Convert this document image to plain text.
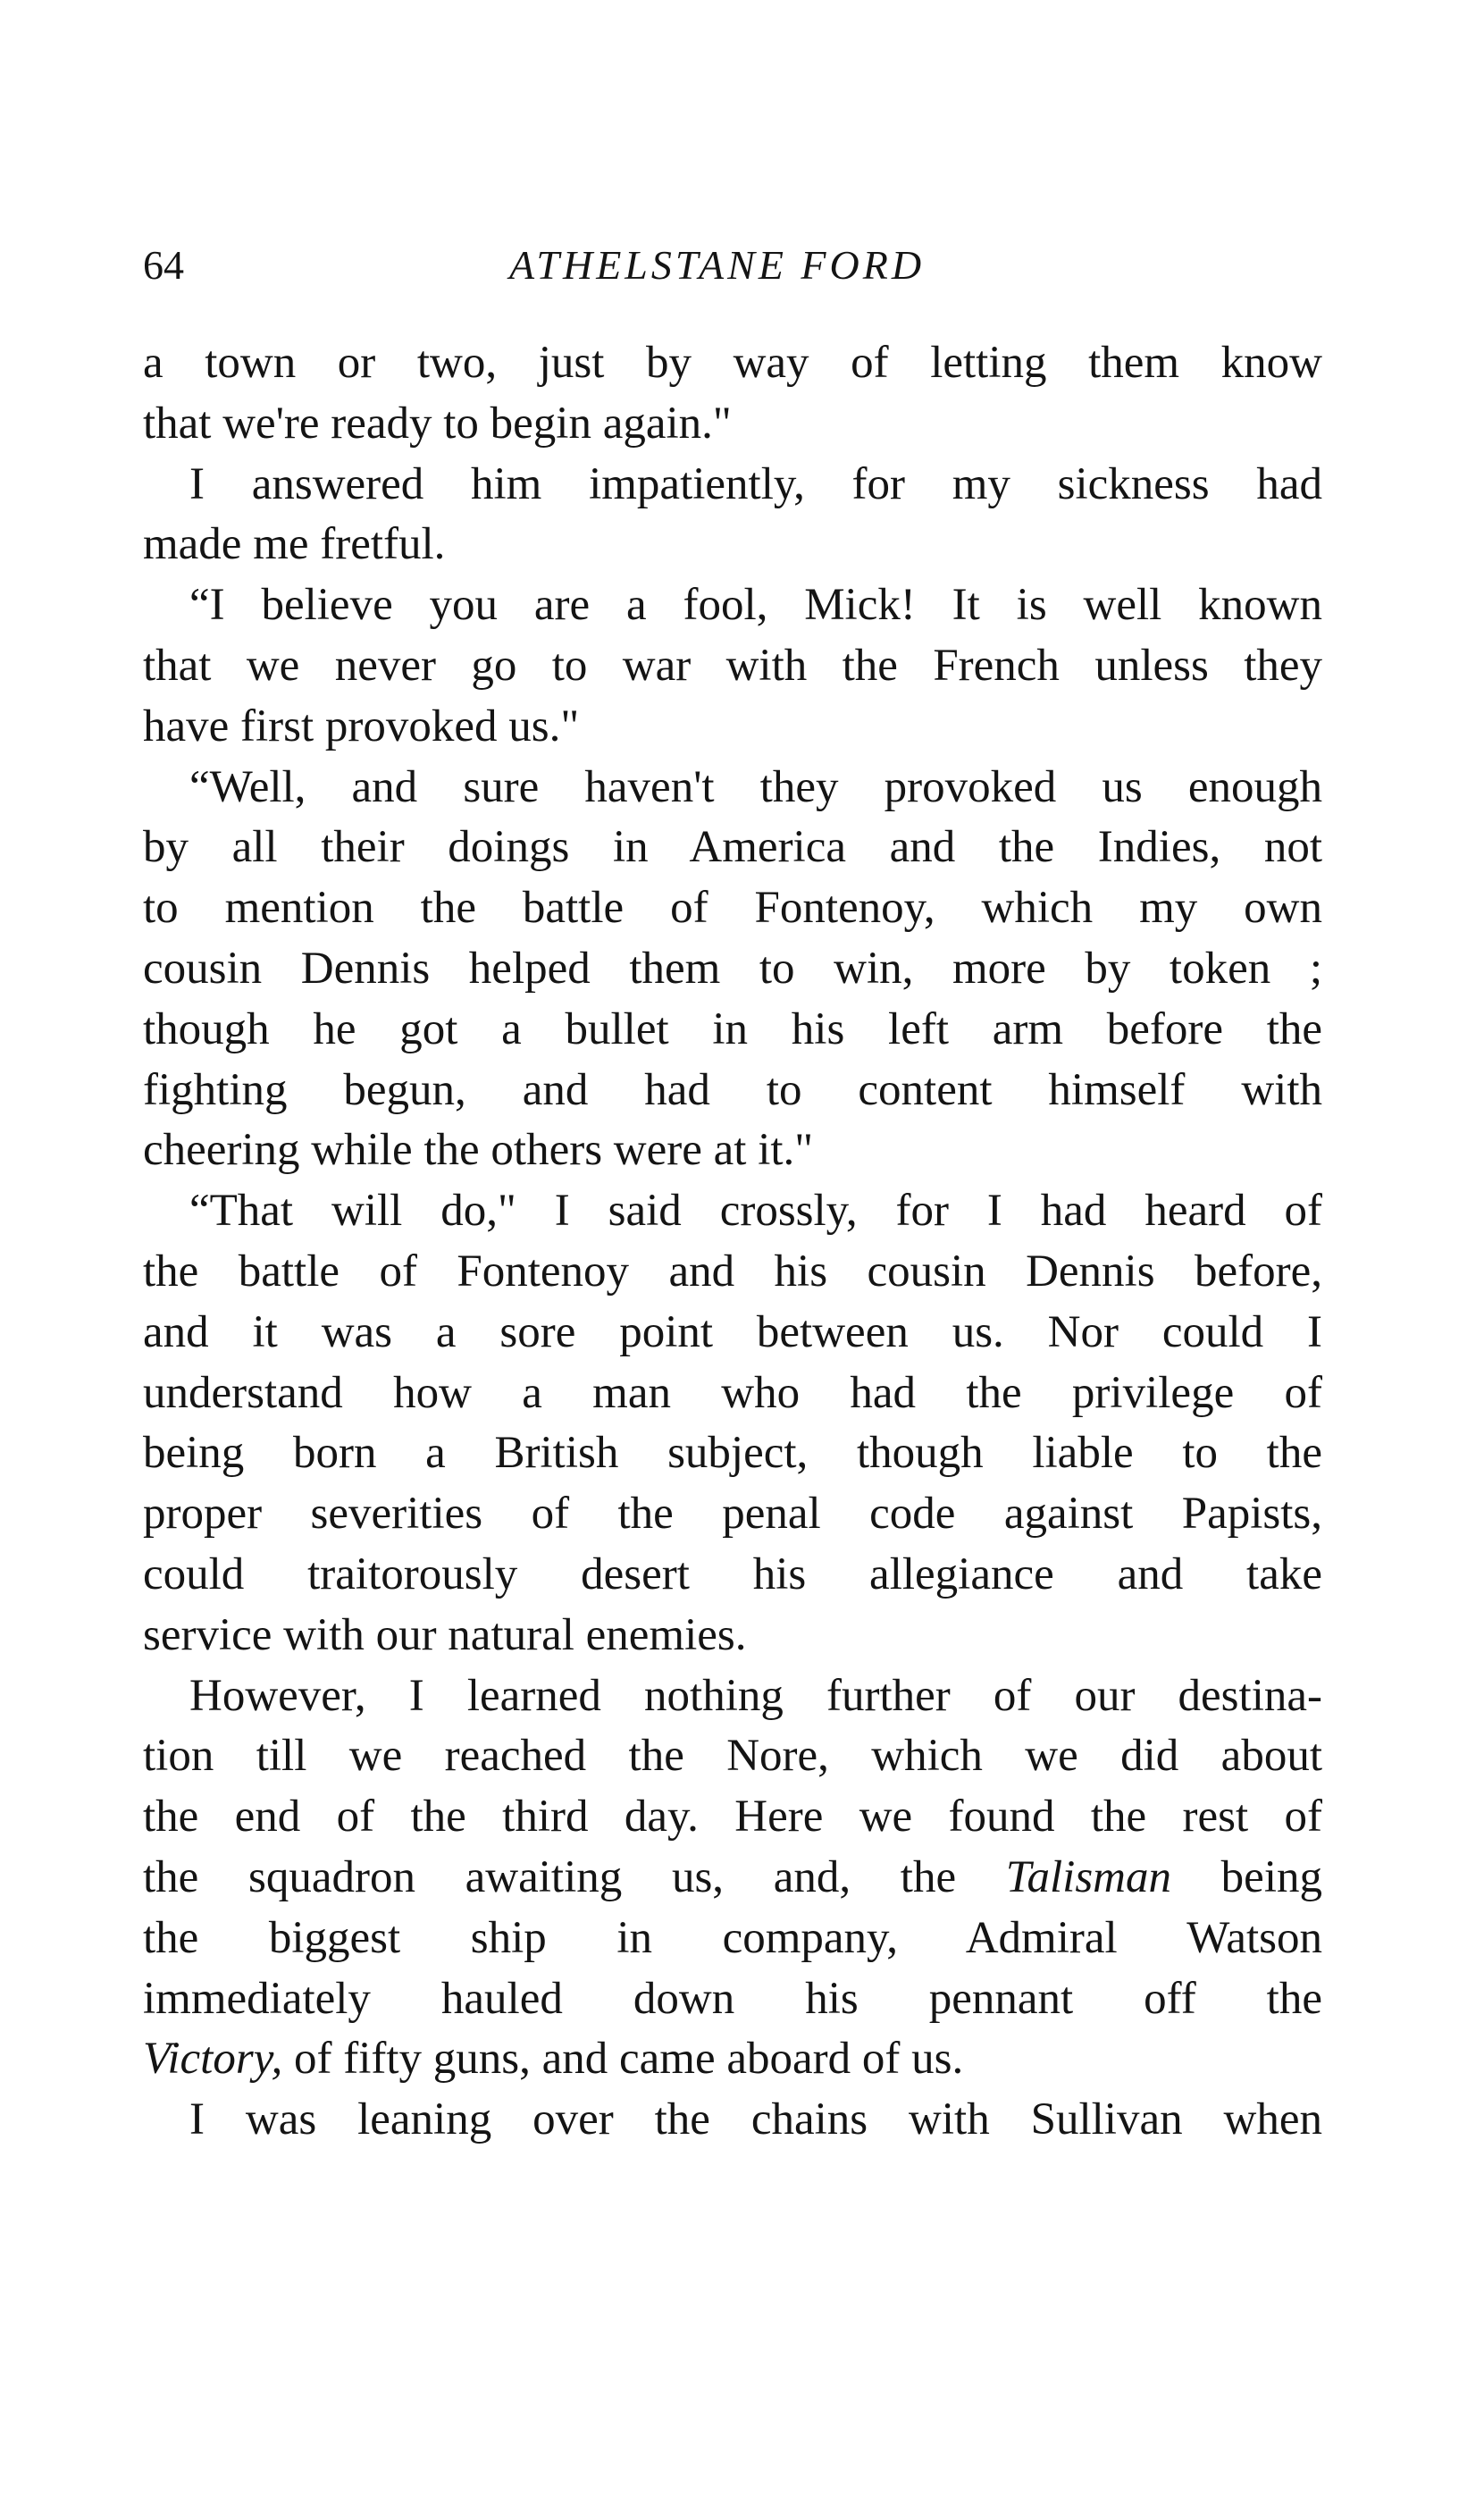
64	ATHELSTANE FORD
a town or two, just by way of letting them know
that we're ready to begin again."
I answered him impatiently, for my sickness had
made me fretful.
“I believe you are a fool, Mick! It is well known
that we never go to war with the French unless they
have first provoked us."
“Well, and sure haven't they provoked us enough
by all their doings in America and the Indies, not
to mention the battle of Fontenoy, which my own
cousin Dennis helped them to win, more by token ;
though he got a bullet in his left arm before the
fighting begun, and had to content himself with
cheering while the others were at it."
“That will do," I said crossly, for I had heard of
the battle of Fontenoy and his cousin Dennis before,
and it was a sore point between us. Nor could I
understand how a man who had the privilege of
being born a British subject, though liable to the
proper severities of the penal code against Papists,
could traitorously desert his allegiance and take
service with our natural enemies.
However, I learned nothing further of our destina-
tion till we reached the Nore, which we did about
the end of the third day. Here we found the rest of
the squadron awaiting us, and, the Talisman being
the biggest ship in company, Admiral Watson
immediately hauled down his pennant off the
Victory, of fifty guns, and came aboard of us.
I was leaning over the chains with Sullivan when
